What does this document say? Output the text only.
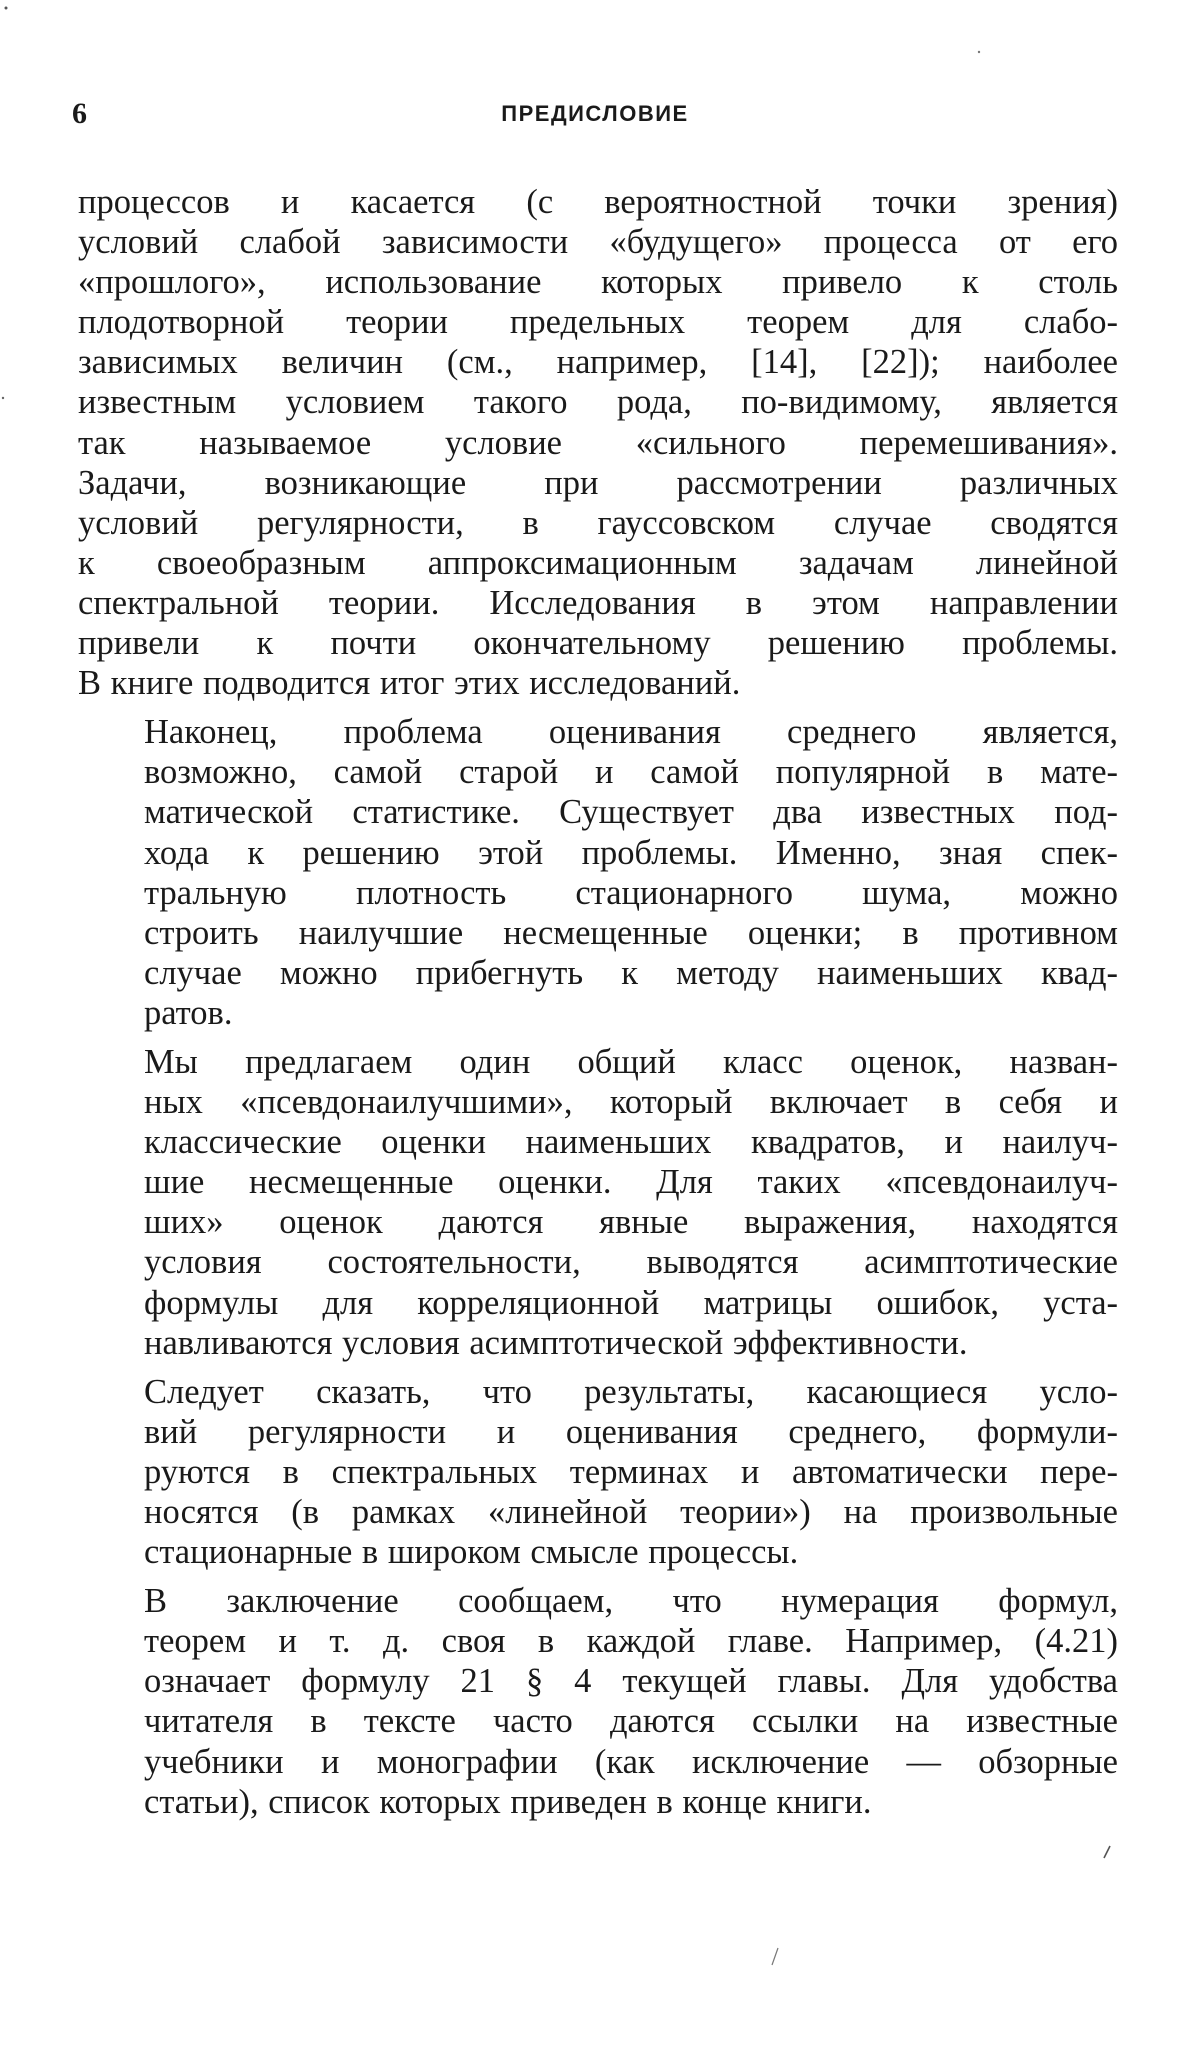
6	ПРЕДИСЛОВИЕ

процессов и касается (с вероятностной точки зрения)
условий слабой зависимости «будущего» процесса от его
«прошлого», использование которых привело к столь
плодотворной теории предельных теорем для слабо-
зависимых величин (см., например, [14], [22]); наиболее
известным условием такого рода, по-видимому, является
так называемое условие «сильного перемешивания».
Задачи, возникающие при рассмотрении различных
условий регулярности, в гауссовском случае сводятся
к своеобразным аппроксимационным задачам линейной
спектральной теории. Исследования в этом направлении
привели к почти окончательному решению проблемы.
В книге подводится итог этих исследований.

Наконец, проблема оценивания среднего является,
возможно, самой старой и самой популярной в мате-
матической статистике. Существует два известных под-
хода к решению этой проблемы. Именно, зная спек-
тральную плотность стационарного шума, можно
строить наилучшие несмещенные оценки; в противном
случае можно прибегнуть к методу наименьших квад-
ратов.

Мы предлагаем один общий класс оценок, назван-
ных «псевдонаилучшими», который включает в себя и
классические оценки наименьших квадратов, и наилуч-
шие несмещенные оценки. Для таких «псевдонаилуч-
ших» оценок даются явные выражения, находятся
условия состоятельности, выводятся асимптотические
формулы для корреляционной матрицы ошибок, уста-
навливаются условия асимптотической эффективности.

Следует сказать, что результаты, касающиеся усло-
вий регулярности и оценивания среднего, формули-
руются в спектральных терминах и автоматически пере-
носятся (в рамках «линейной теории») на произвольные
стационарные в широком смысле процессы.

В заключение сообщаем, что нумерация формул,
теорем и т. д. своя в каждой главе. Например, (4.21)
означает формулу 21 § 4 текущей главы. Для удобства
читателя в тексте часто даются ссылки на известные
учебники и монографии (как исключение — обзорные
статьи), список которых приведен в конце книги.
